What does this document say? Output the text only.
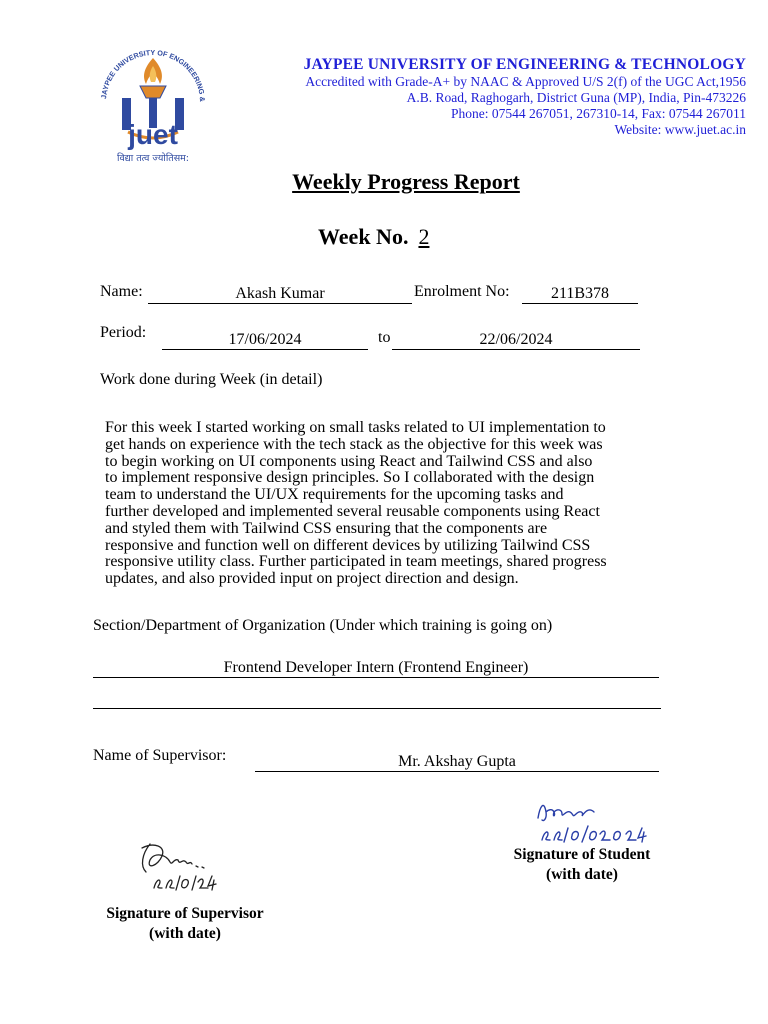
JAYPEE UNIVERSITY OF ENGINEERING &
juet
विद्या तत्व ज्योतिसम:
JAYPEE UNIVERSITY OF ENGINEERING & TECHNOLOGY
Accredited with Grade-A+ by NAAC & Approved U/S 2(f) of the UGC Act,1956
A.B. Road, Raghogarh, District Guna (MP), India, Pin-473226
Phone: 07544 267051, 267310-14, Fax: 07544 267011
Website: www.juet.ac.in
Weekly Progress Report
Week No. 2
Name:	Akash Kumar	Enrolment No:	211B378
Period:	17/06/2024	to	22/06/2024
Work done during Week (in detail)
For this week I started working on small tasks related to UI implementation to
get hands on experience with the tech stack as the objective for this week was
to begin working on UI components using React and Tailwind CSS and also
to implement responsive design principles. So I collaborated with the design
team to understand the UI/UX requirements for the upcoming tasks and
further developed and implemented several reusable components using React
and styled them with Tailwind CSS ensuring that the components are
responsive and function well on different devices by utilizing Tailwind CSS
responsive utility class. Further participated in team meetings, shared progress
updates, and also provided input on project direction and design.
Section/Department of Organization (Under which training is going on)
Frontend Developer Intern (Frontend Engineer)
Name of Supervisor:	Mr. Akshay Gupta
Signature of Student
(with date)
Signature of Supervisor
(with date)
